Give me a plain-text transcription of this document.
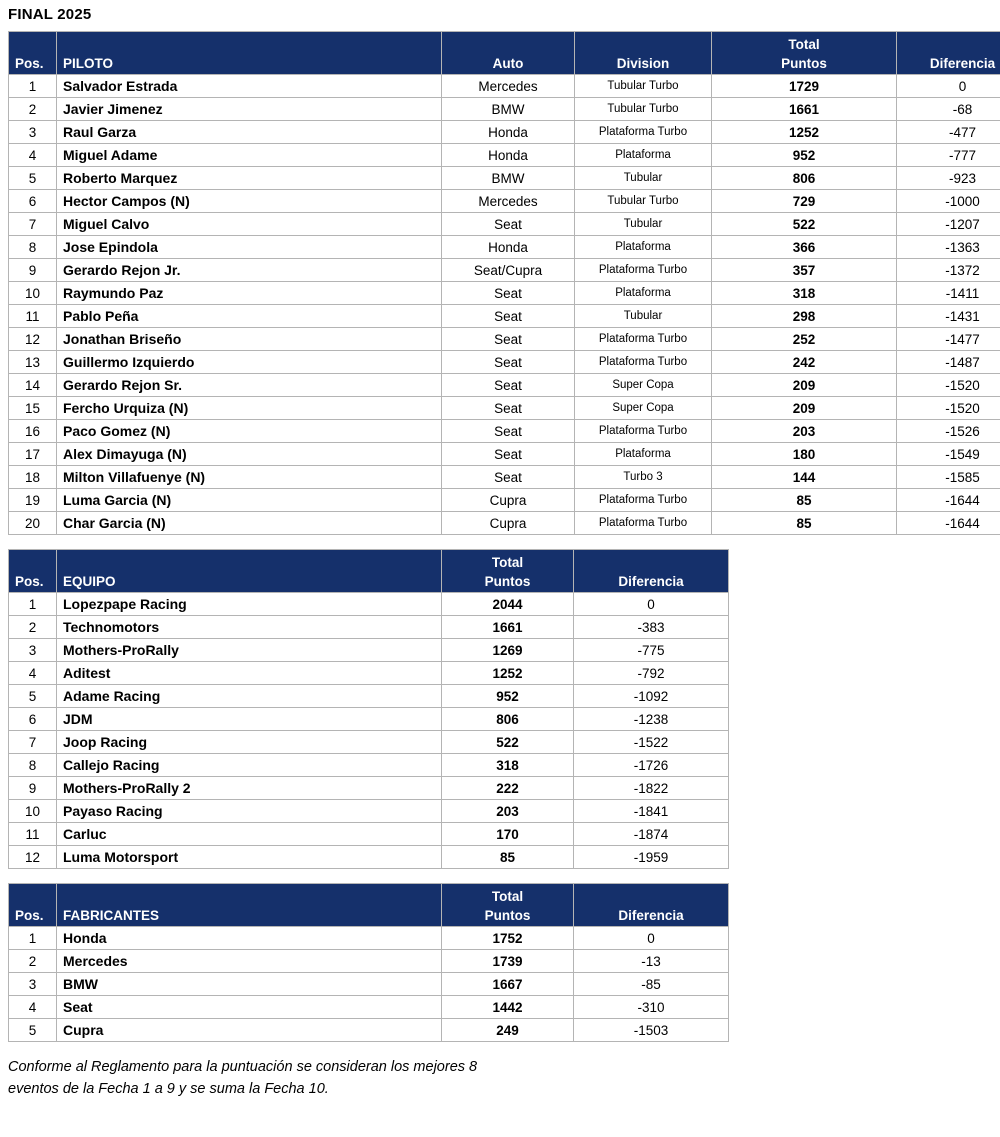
FINAL 2025
				Total	
Pos.	PILOTO	Auto	Division	Puntos	Diferencia
1	Salvador Estrada	Mercedes	Tubular Turbo	1729	0
2	Javier Jimenez	BMW	Tubular Turbo	1661	-68
3	Raul Garza	Honda	Plataforma Turbo	1252	-477
4	Miguel Adame	Honda	Plataforma	952	-777
5	Roberto Marquez	BMW	Tubular	806	-923
6	Hector Campos (N)	Mercedes	Tubular Turbo	729	-1000
7	Miguel Calvo	Seat	Tubular	522	-1207
8	Jose Epindola	Honda	Plataforma	366	-1363
9	Gerardo Rejon Jr.	Seat/Cupra	Plataforma Turbo	357	-1372
10	Raymundo Paz	Seat	Plataforma	318	-1411
11	Pablo Peña	Seat	Tubular	298	-1431
12	Jonathan Briseño	Seat	Plataforma Turbo	252	-1477
13	Guillermo Izquierdo	Seat	Plataforma Turbo	242	-1487
14	Gerardo Rejon Sr.	Seat	Super Copa	209	-1520
15	Fercho Urquiza (N)	Seat	Super Copa	209	-1520
16	Paco Gomez (N)	Seat	Plataforma Turbo	203	-1526
17	Alex Dimayuga (N)	Seat	Plataforma	180	-1549
18	Milton Villafuenye (N)	Seat	Turbo 3	144	-1585
19	Luma Garcia (N)	Cupra	Plataforma Turbo	85	-1644
20	Char Garcia (N)	Cupra	Plataforma Turbo	85	-1644
		Total	
Pos.	EQUIPO	Puntos	Diferencia
1	Lopezpape Racing	2044	0
2	Technomotors	1661	-383
3	Mothers-ProRally	1269	-775
4	Aditest	1252	-792
5	Adame Racing	952	-1092
6	JDM	806	-1238
7	Joop Racing	522	-1522
8	Callejo Racing	318	-1726
9	Mothers-ProRally 2	222	-1822
10	Payaso Racing	203	-1841
11	Carluc	170	-1874
12	Luma Motorsport	85	-1959
		Total	
Pos.	FABRICANTES	Puntos	Diferencia
1	Honda	1752	0
2	Mercedes	1739	-13
3	BMW	1667	-85
4	Seat	1442	-310
5	Cupra	249	-1503
Conforme al Reglamento para la puntuación se consideran los mejores 8
eventos de la Fecha 1 a 9 y se suma la Fecha 10.
